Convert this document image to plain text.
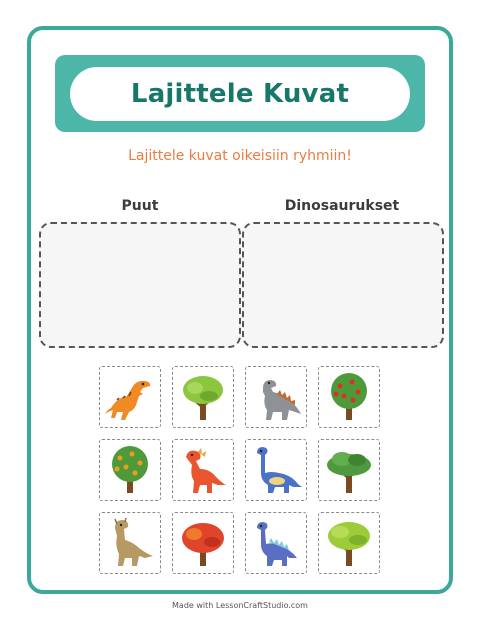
Lajittele Kuvat
Lajittele kuvat oikeisiin ryhmiin!
Puut	Dinosaurukset
Made with LessonCraftStudio.com
